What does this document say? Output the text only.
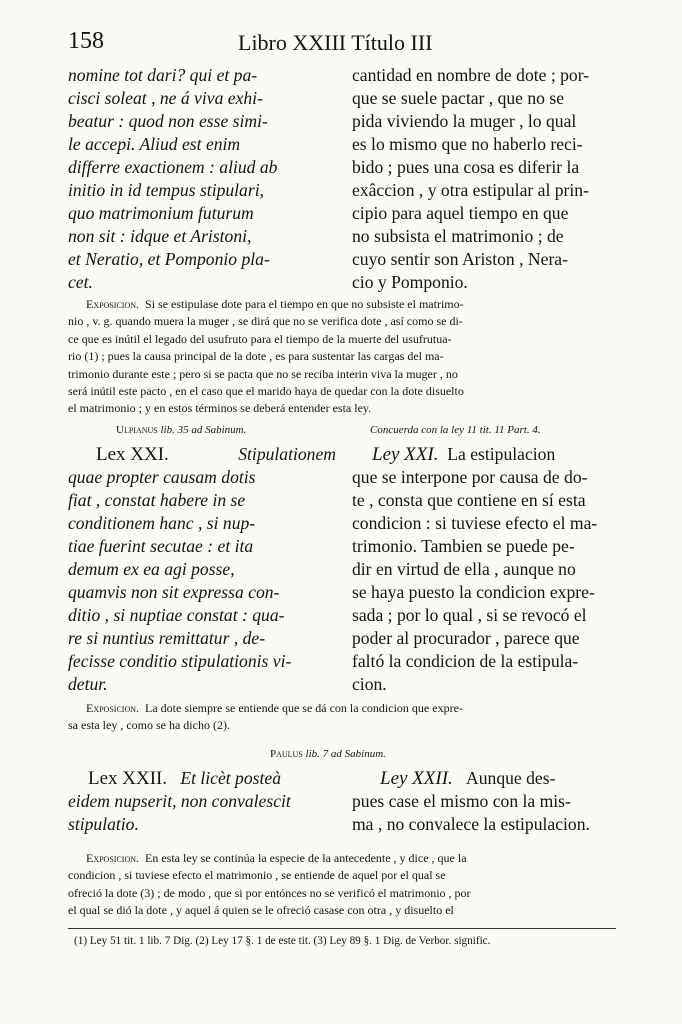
158	Libro XXIII Título III
nomine tot dari? qui et pa-
cisci soleat , ne á viva exhi-
beatur : quod non esse simi-
le accepi. Aliud est enim
differre exactionem : aliud ab
initio in id tempus stipulari,
quo matrimonium futurum
non sit : idque et Aristoni,
et Neratio, et Pomponio pla-
cet.
cantidad en nombre de dote ; por-
que se suele pactar , que no se
pida viviendo la muger , lo qual
es lo mismo que no haberlo reci-
bido ; pues una cosa es diferir la
exâccion , y otra estipular al prin-
cipio para aquel tiempo en que
no subsista el matrimonio ; de
cuyo sentir son Ariston , Nera-
cio y Pomponio.
Exposicion. Si se estipulase dote para el tiempo en que no subsiste el matrimo-
nio , v. g. quando muera la muger , se dirá que no se verifica dote , así como se di-
ce que es inútil el legado del usufruto para el tiempo de la muerte del usufrutua-
rio (1) ; pues la causa principal de la dote , es para sustentar las cargas del ma-
trimonio durante este ; pero si se pacta que no se reciba interin viva la muger , no
será inútil este pacto , en el caso que el marido haya de quedar con la dote disuelto
el matrimonio ; y en estos términos se deberá entender esta ley.
Ulpianus lib. 35 ad Sabinum.	Concuerda con la ley 11 tit. 11 Part. 4.
Lex XXI.	Stipulationem
quae propter causam dotis
fiat , constat habere in se
conditionem hanc , si nup-
tiae fuerint secutae : et ita
demum ex ea agi posse,
quamvis non sit expressa con-
ditio , si nuptiae constat : qua-
re si nuntius remittatur , de-
fecisse conditio stipulationis vi-
detur.
Ley XXI. La estipulacion
que se interpone por causa de do-
te , consta que contiene en sí esta
condicion : si tuviese efecto el ma-
trimonio. Tambien se puede pe-
dir en virtud de ella , aunque no
se haya puesto la condicion expre-
sada ; por lo qual , si se revocó el
poder al procurador , parece que
faltó la condicion de la estipula-
cion.
Exposicion. La dote siempre se entiende que se dá con la condicion que expre-
sa esta ley , como se ha dicho (2).
Paulus lib. 7 ad Sabinum.
Lex XXII. Et licèt posteà
eidem nupserit, non convalescit
stipulatio.
Ley XXII. Aunque des-
pues case el mismo con la mis-
ma , no convalece la estipulacion.
Exposicion. En esta ley se continúa la especie de la antecedente , y dice , que la
condicion , si tuviese efecto el matrimonio , se entiende de aquel por el qual se
ofreció la dote (3) ; de modo , que si por entónces no se verificó el matrimonio , por
el qual se dió la dote , y aquel á quien se le ofreció casase con otra , y disuelto el
(1) Ley 51 tit. 1 lib. 7 Dig. (2) Ley 17 §. 1 de este tit. (3) Ley 89 §. 1 Dig. de Verbor. signific.
